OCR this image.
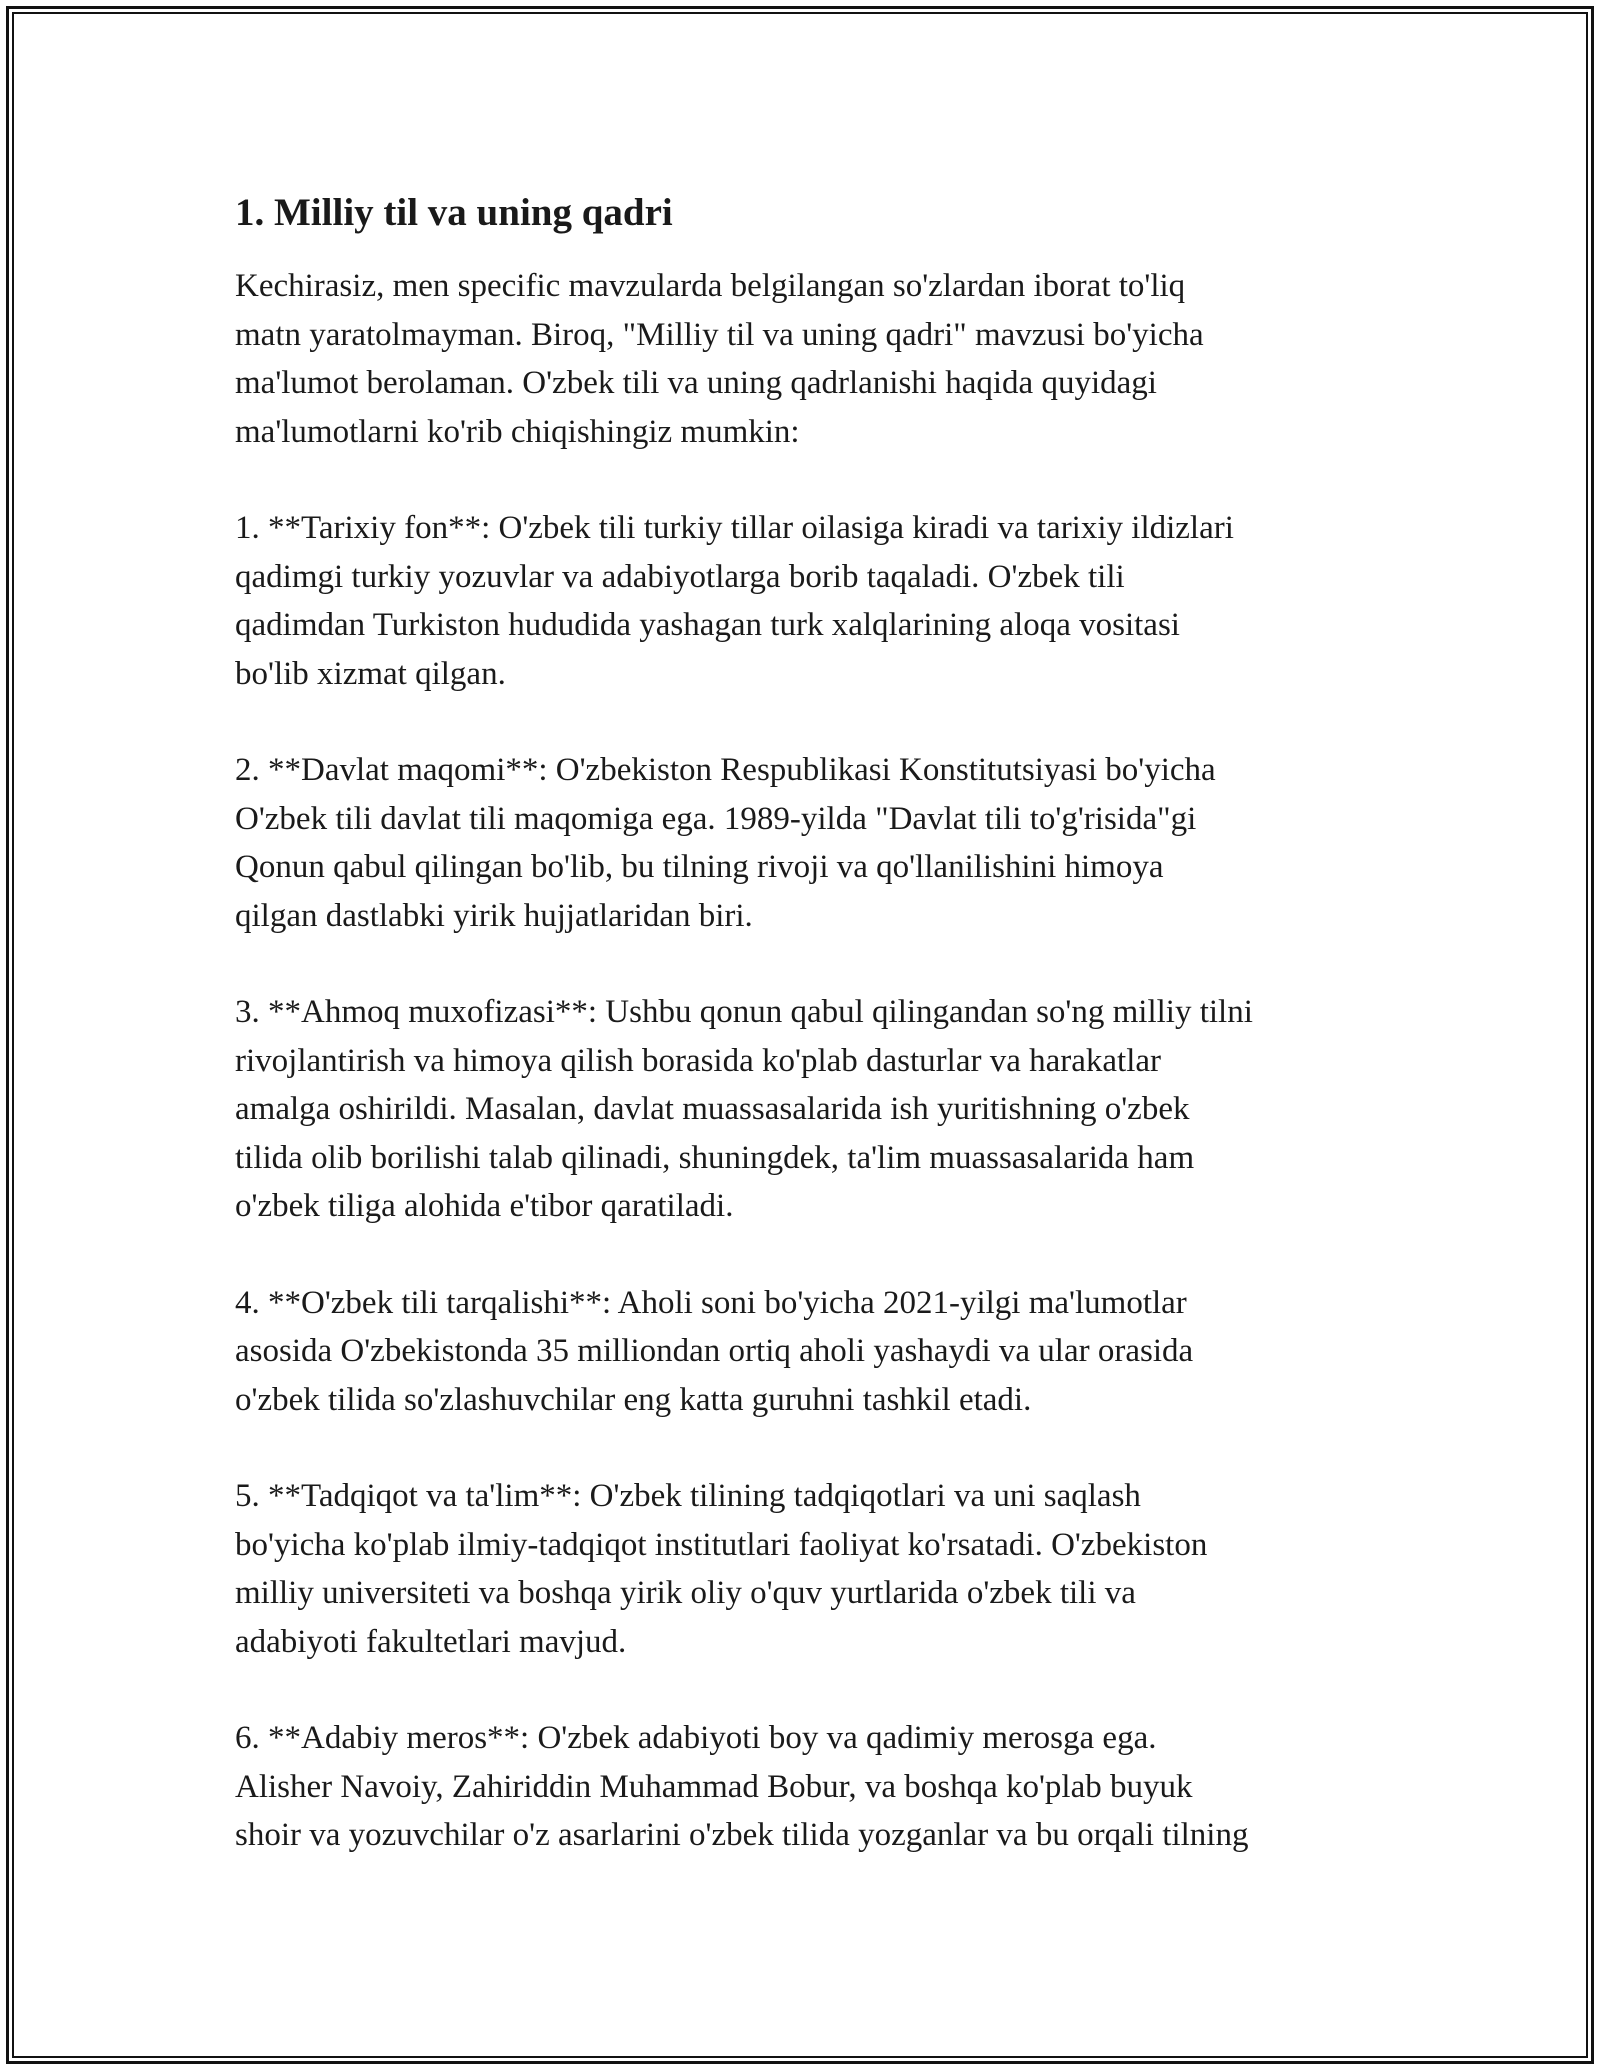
1. Milliy til va uning qadri

Kechirasiz, men specific mavzularda belgilangan so'zlardan iborat to'liq
matn yaratolmayman. Biroq, "Milliy til va uning qadri" mavzusi bo'yicha
ma'lumot berolaman. O'zbek tili va uning qadrlanishi haqida quyidagi
ma'lumotlarni ko'rib chiqishingiz mumkin:

1. **Tarixiy fon**: O'zbek tili turkiy tillar oilasiga kiradi va tarixiy ildizlari
qadimgi turkiy yozuvlar va adabiyotlarga borib taqaladi. O'zbek tili
qadimdan Turkiston hududida yashagan turk xalqlarining aloqa vositasi
bo'lib xizmat qilgan.

2. **Davlat maqomi**: O'zbekiston Respublikasi Konstitutsiyasi bo'yicha
O'zbek tili davlat tili maqomiga ega. 1989-yilda "Davlat tili to'g'risida"gi
Qonun qabul qilingan bo'lib, bu tilning rivoji va qo'llanilishini himoya
qilgan dastlabki yirik hujjatlaridan biri.

3. **Ahmoq muxofizasi**: Ushbu qonun qabul qilingandan so'ng milliy tilni
rivojlantirish va himoya qilish borasida ko'plab dasturlar va harakatlar
amalga oshirildi. Masalan, davlat muassasalarida ish yuritishning o'zbek
tilida olib borilishi talab qilinadi, shuningdek, ta'lim muassasalarida ham
o'zbek tiliga alohida e'tibor qaratiladi.

4. **O'zbek tili tarqalishi**: Aholi soni bo'yicha 2021-yilgi ma'lumotlar
asosida O'zbekistonda 35 milliondan ortiq aholi yashaydi va ular orasida
o'zbek tilida so'zlashuvchilar eng katta guruhni tashkil etadi.

5. **Tadqiqot va ta'lim**: O'zbek tilining tadqiqotlari va uni saqlash
bo'yicha ko'plab ilmiy-tadqiqot institutlari faoliyat ko'rsatadi. O'zbekiston
milliy universiteti va boshqa yirik oliy o'quv yurtlarida o'zbek tili va
adabiyoti fakultetlari mavjud.

6. **Adabiy meros**: O'zbek adabiyoti boy va qadimiy merosga ega.
Alisher Navoiy, Zahiriddin Muhammad Bobur, va boshqa ko'plab buyuk
shoir va yozuvchilar o'z asarlarini o'zbek tilida yozganlar va bu orqali tilning
